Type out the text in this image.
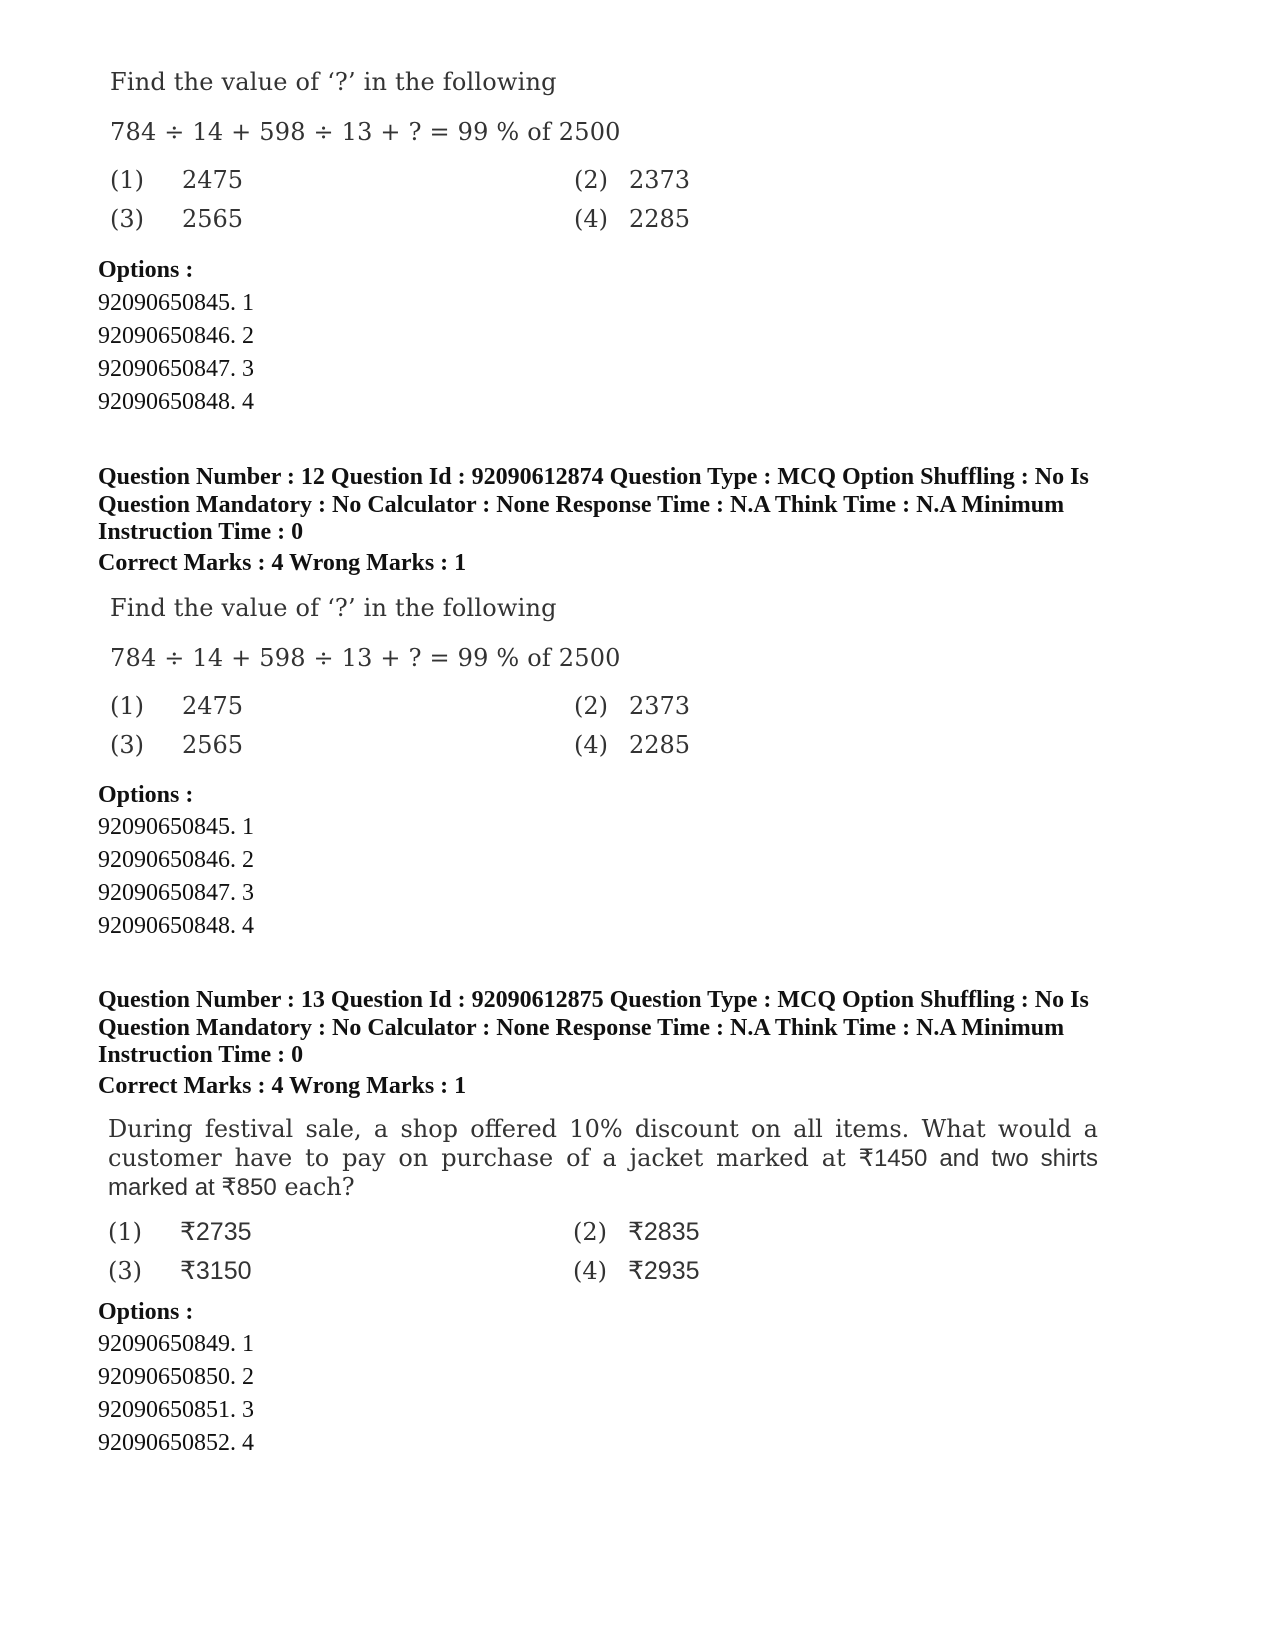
Find the value of ‘?’ in the following
784 ÷ 14 + 598 ÷ 13 + ? = 99 % of 2500
(1) 2475	(2) 2373
(3) 2565	(4) 2285
Options :
92090650845. 1
92090650846. 2
92090650847. 3
92090650848. 4
Question Number : 12 Question Id : 92090612874 Question Type : MCQ Option Shuffling : No Is
Question Mandatory : No Calculator : None Response Time : N.A Think Time : N.A Minimum
Instruction Time : 0
Correct Marks : 4 Wrong Marks : 1
Find the value of ‘?’ in the following
784 ÷ 14 + 598 ÷ 13 + ? = 99 % of 2500
(1) 2475	(2) 2373
(3) 2565	(4) 2285
Options :
92090650845. 1
92090650846. 2
92090650847. 3
92090650848. 4
Question Number : 13 Question Id : 92090612875 Question Type : MCQ Option Shuffling : No Is
Question Mandatory : No Calculator : None Response Time : N.A Think Time : N.A Minimum
Instruction Time : 0
Correct Marks : 4 Wrong Marks : 1
During festival sale, a shop offered 10% discount on all items. What would a customer have to pay on purchase of a jacket marked at ₹1450 and two shirts marked at ₹850 each?
(1) ₹2735	(2) ₹2835
(3) ₹3150	(4) ₹2935
Options :
92090650849. 1
92090650850. 2
92090650851. 3
92090650852. 4
